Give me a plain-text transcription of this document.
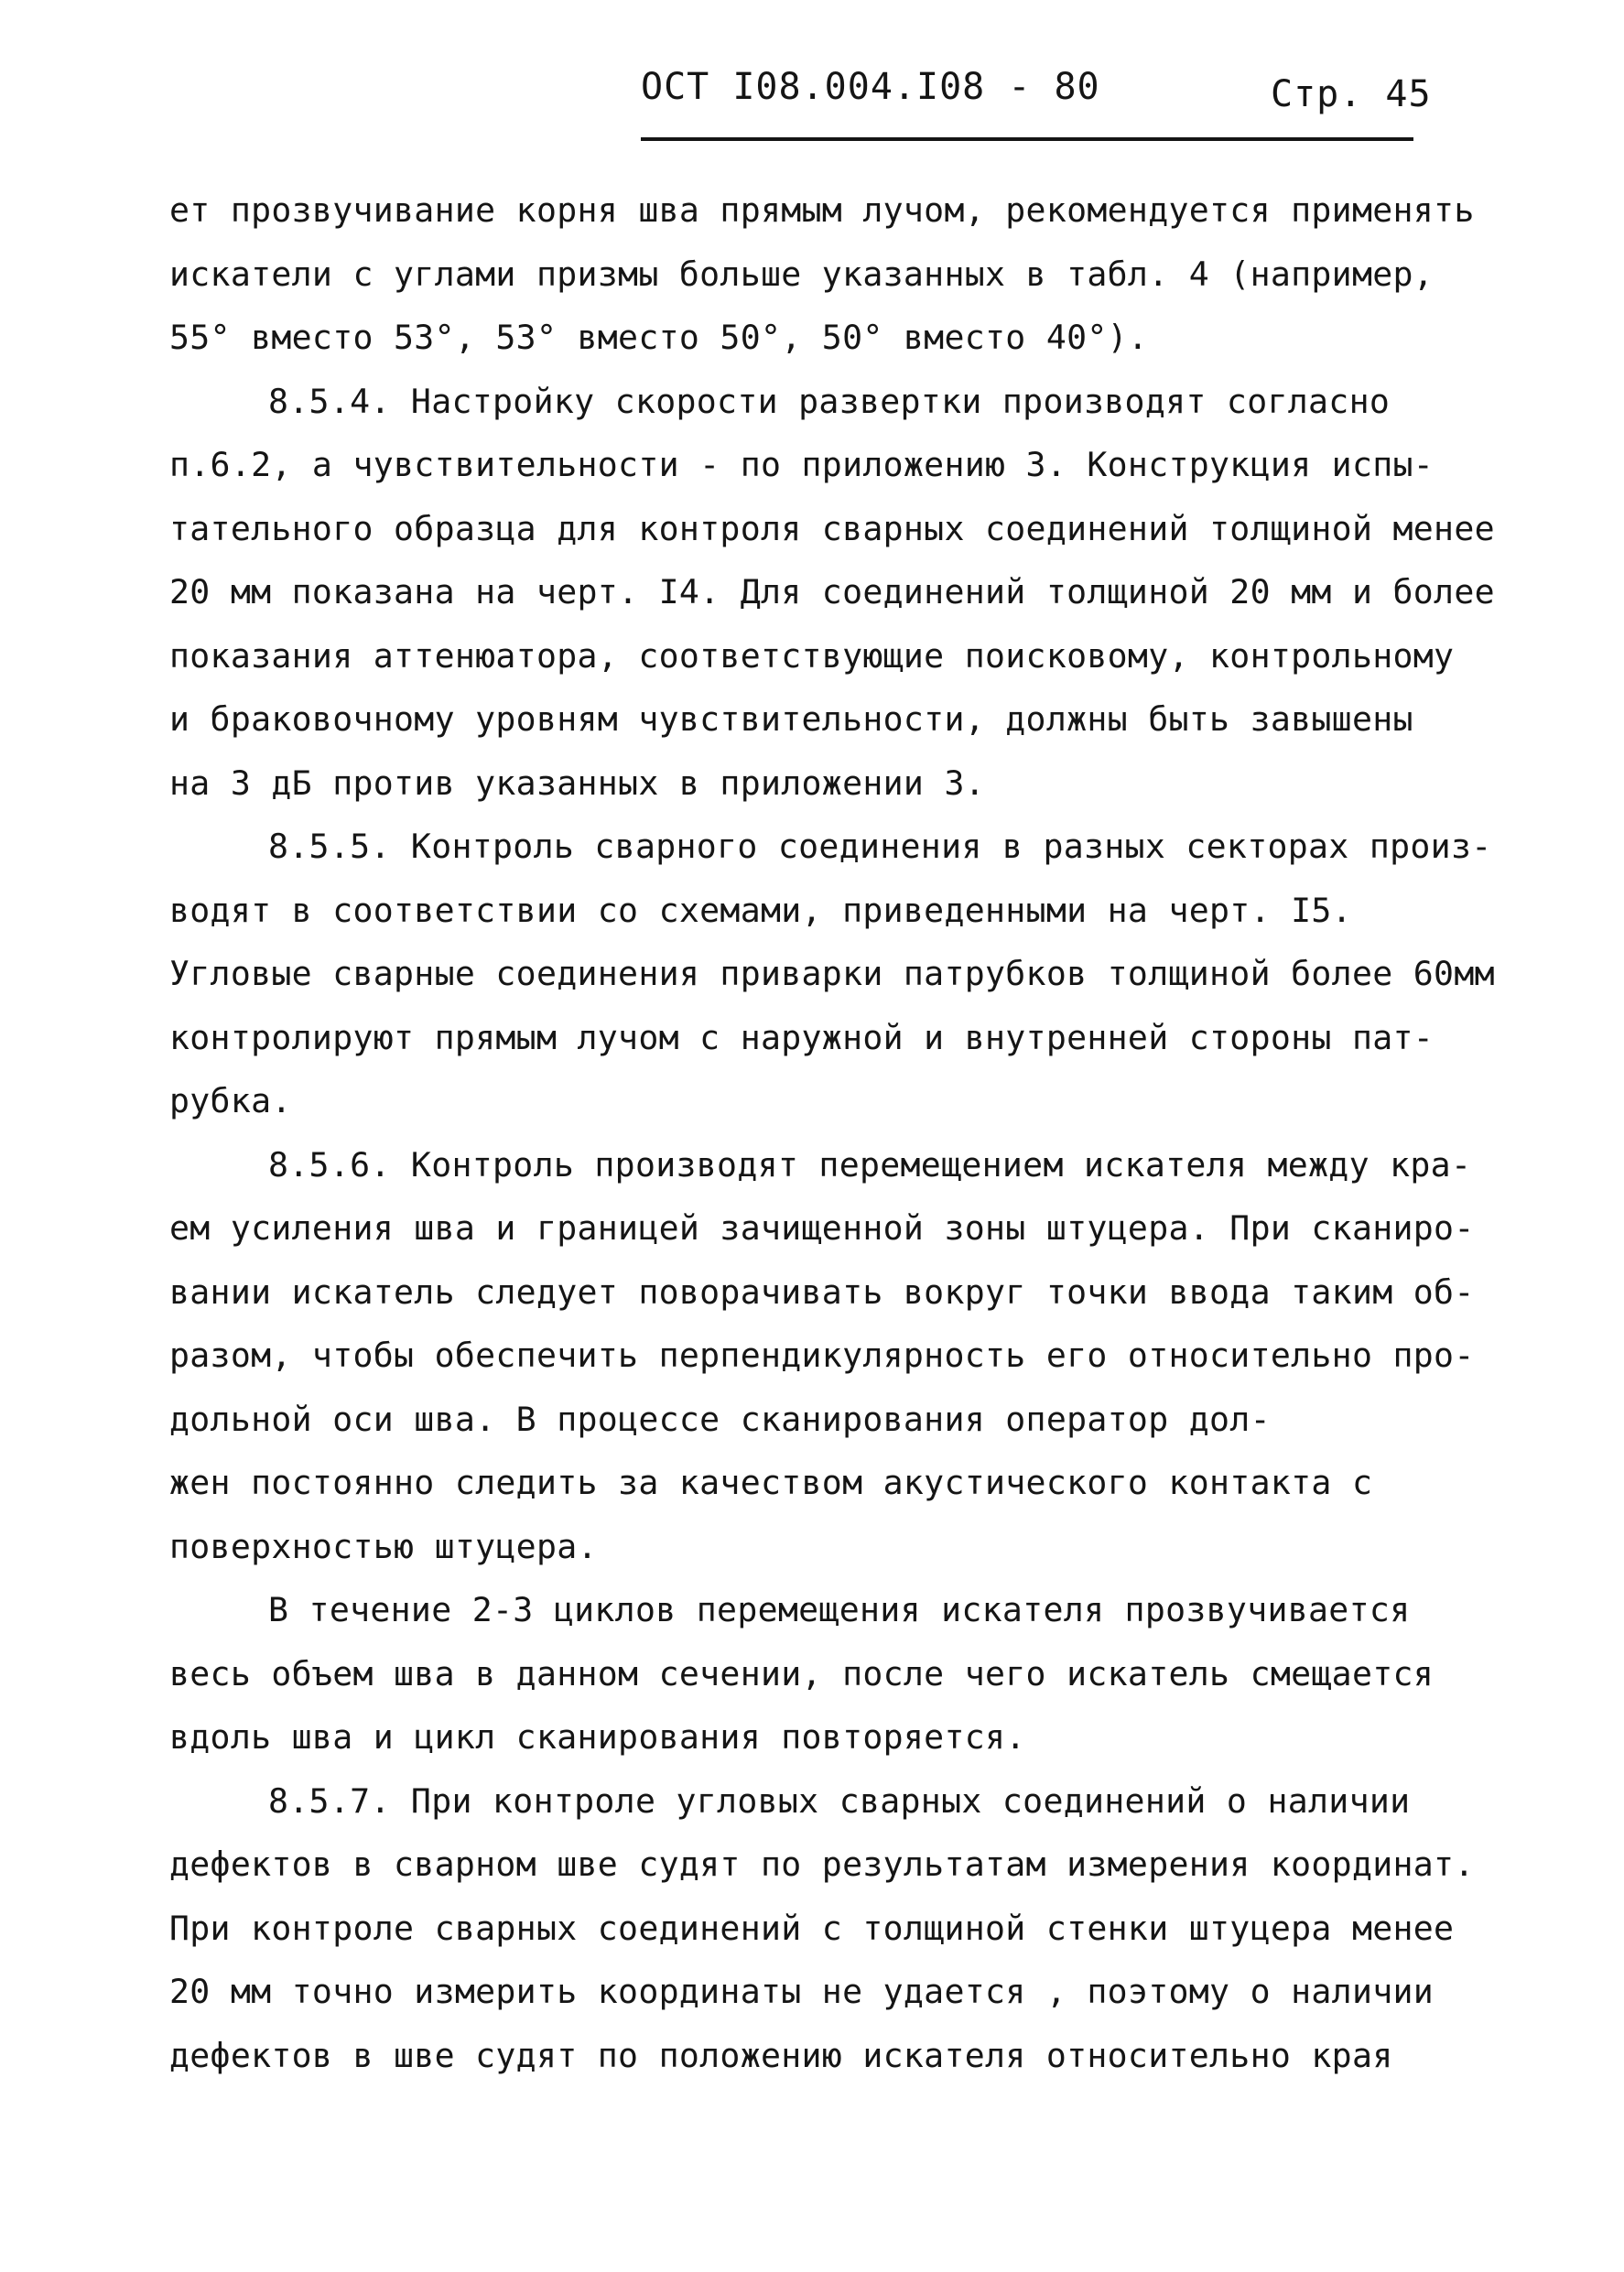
ОСТ I08.004.I08 - 80	Стр. 45

ет прозвучивание корня шва прямым лучом, рекомендуется применять

искатели с углами призмы больше указанных в табл. 4 (например,

55° вместо 53°, 53° вместо 50°, 50° вместо 40°).

8.5.4. Настройку скорости развертки производят согласно

п.6.2, а чувствительности - по приложению 3. Конструкция испы-

тательного образца для контроля сварных соединений толщиной менее

20 мм показана на черт. I4. Для соединений толщиной 20 мм и более

показания аттенюатора, соответствующие поисковому, контрольному

и браковочному уровням чувствительности, должны быть завышены

на 3 дБ против указанных в приложении 3.

8.5.5. Контроль сварного соединения в разных секторах произ-

водят в соответствии со схемами, приведенными на черт. I5.

Угловые сварные соединения приварки патрубков толщиной более 60мм

контролируют прямым лучом с наружной и внутренней стороны пат-

рубка.

8.5.6. Контроль производят перемещением искателя между кра-

ем усиления шва и границей зачищенной зоны штуцера. При сканиро-

вании искатель следует поворачивать вокруг точки ввода таким об-

разом, чтобы обеспечить перпендикулярность его относительно про-

дольной оси шва. В процессе сканирования оператор дол-

жен постоянно следить за качеством акустического контакта с

поверхностью штуцера.

В течение 2-3 циклов перемещения искателя прозвучивается

весь объем шва в данном сечении, после чего искатель смещается

вдоль шва и цикл сканирования повторяется.

8.5.7. При контроле угловых сварных соединений о наличии

дефектов в сварном шве судят по результатам измерения координат.

При контроле сварных соединений с толщиной стенки штуцера менее

20 мм точно измерить координаты не удается , поэтому о наличии

дефектов в шве судят по положению искателя относительно края
